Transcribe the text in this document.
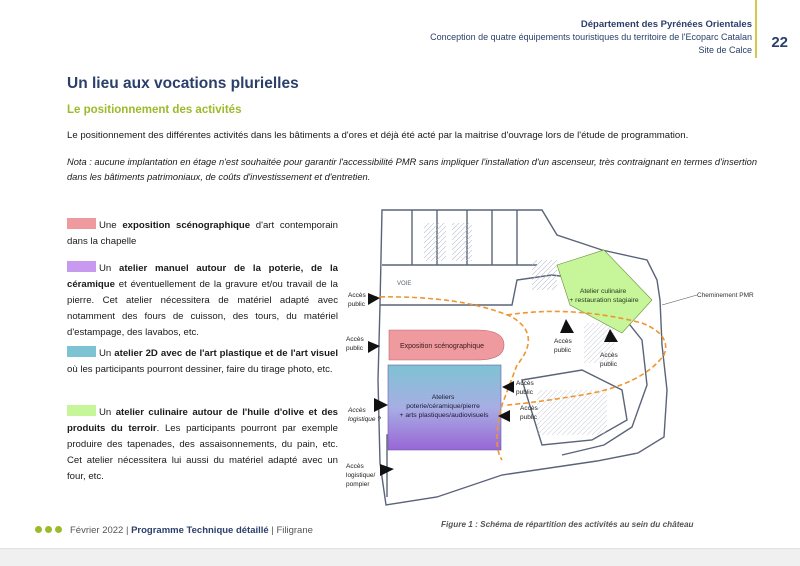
Département des Pyrénées Orientales
Conception de quatre équipements touristiques du territoire de l'Ecoparc Catalan
Site de Calce 22
Un lieu aux vocations plurielles
Le positionnement des activités
Le positionnement des différentes activités dans les bâtiments a d'ores et déjà été acté par la maitrise d'ouvrage lors de l'étude de programmation.
Nota : aucune implantation en étage n'est souhaitée pour garantir l'accessibilité PMR sans impliquer l'installation d'un ascenseur, très contraignant en termes d'insertion dans les bâtiments patrimoniaux, de coûts d'investissement et d'entretien.
Une exposition scénographique d'art contemporain dans la chapelle
Un atelier manuel autour de la poterie, de la céramique et éventuellement de la gravure et/ou travail de la pierre. Cet atelier nécessitera de matériel adapté avec notamment des fours de cuisson, des tours, du matériel d'estampage, des lavabos, etc.
Un atelier 2D avec de l'art plastique et de l'art visuel où les participants pourront dessiner, faire du tirage photo, etc.
Un atelier culinaire autour de l'huile d'olive et des produits du terroir. Les participants pourront par exemple produire des tapenades, des assaisonnements, du pain, etc. Cet atelier nécessitera lui aussi du matériel adapté avec un four, etc.
VOIE
Atelier culinaire + restauration stagiaire
Exposition scénographique
Ateliers poterie/céramique/pierre + arts plastiques/audiovisuels
Cheminement PMR
Accès public
Accès public
Accès logistique ?
Accès logistique/ pompier
Accès public
Accès public
Accès public
Accès public
Février 2022 | Programme Technique détaillé | Filigrane
Figure 1 : Schéma de répartition des activités au sein du château
